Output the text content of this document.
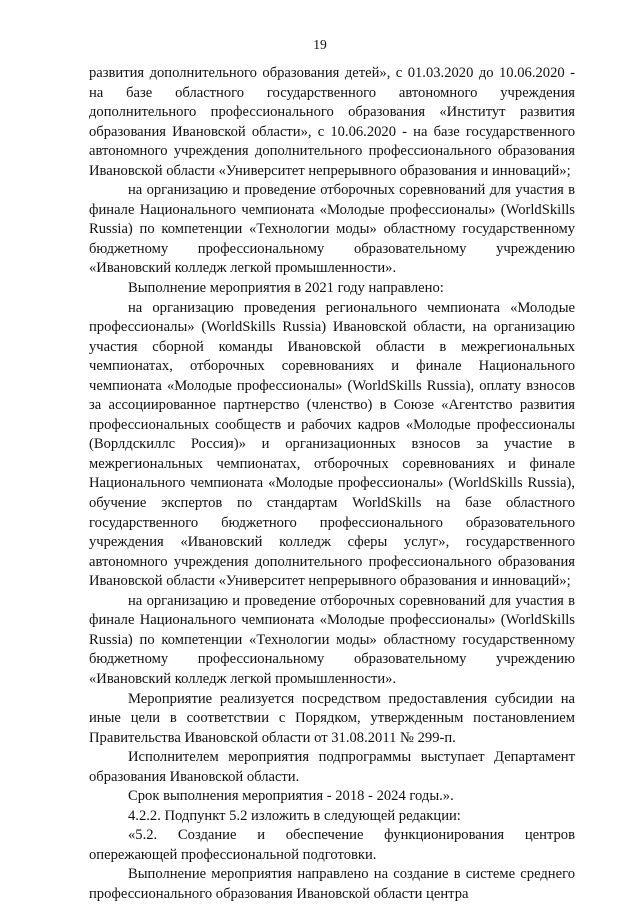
19

развития дополнительного образования детей», с 01.03.2020 до 10.06.2020 - на базе областного государственного автономного учреждения дополнительного профессионального образования «Институт развития образования Ивановской области», с 10.06.2020 - на базе государственного автономного учреждения дополнительного профессионального образования Ивановской области «Университет непрерывного образования и инноваций»;

на организацию и проведение отборочных соревнований для участия в финале Национального чемпионата «Молодые профессионалы» (WorldSkills Russia) по компетенции «Технологии моды» областному государственному бюджетному профессиональному образовательному учреждению «Ивановский колледж легкой промышленности».

Выполнение мероприятия в 2021 году направлено:

на организацию проведения регионального чемпионата «Молодые профессионалы» (WorldSkills Russia) Ивановской области, на организацию участия сборной команды Ивановской области в межрегиональных чемпионатах, отборочных соревнованиях и финале Национального чемпионата «Молодые профессионалы» (WorldSkills Russia), оплату взносов за ассоциированное партнерство (членство) в Союзе «Агентство развития профессиональных сообществ и рабочих кадров «Молодые профессионалы (Ворлдскиллс Россия)» и организационных взносов за участие в межрегиональных чемпионатах, отборочных соревнованиях и финале Национального чемпионата «Молодые профессионалы» (WorldSkills Russia), обучение экспертов по стандартам WorldSkills на базе областного государственного бюджетного профессионального образовательного учреждения «Ивановский колледж сферы услуг», государственного автономного учреждения дополнительного профессионального образования Ивановской области «Университет непрерывного образования и инноваций»;

на организацию и проведение отборочных соревнований для участия в финале Национального чемпионата «Молодые профессионалы» (WorldSkills Russia) по компетенции «Технологии моды» областному государственному бюджетному профессиональному образовательному учреждению «Ивановский колледж легкой промышленности».

Мероприятие реализуется посредством предоставления субсидии на иные цели в соответствии с Порядком, утвержденным постановлением Правительства Ивановской области от 31.08.2011 № 299-п.

Исполнителем мероприятия подпрограммы выступает Департамент образования Ивановской области.

Срок выполнения мероприятия - 2018 - 2024 годы.».

4.2.2. Подпункт 5.2 изложить в следующей редакции:

«5.2. Создание и обеспечение функционирования центров опережающей профессиональной подготовки.

Выполнение мероприятия направлено на создание в системе среднего профессионального образования Ивановской области центра
